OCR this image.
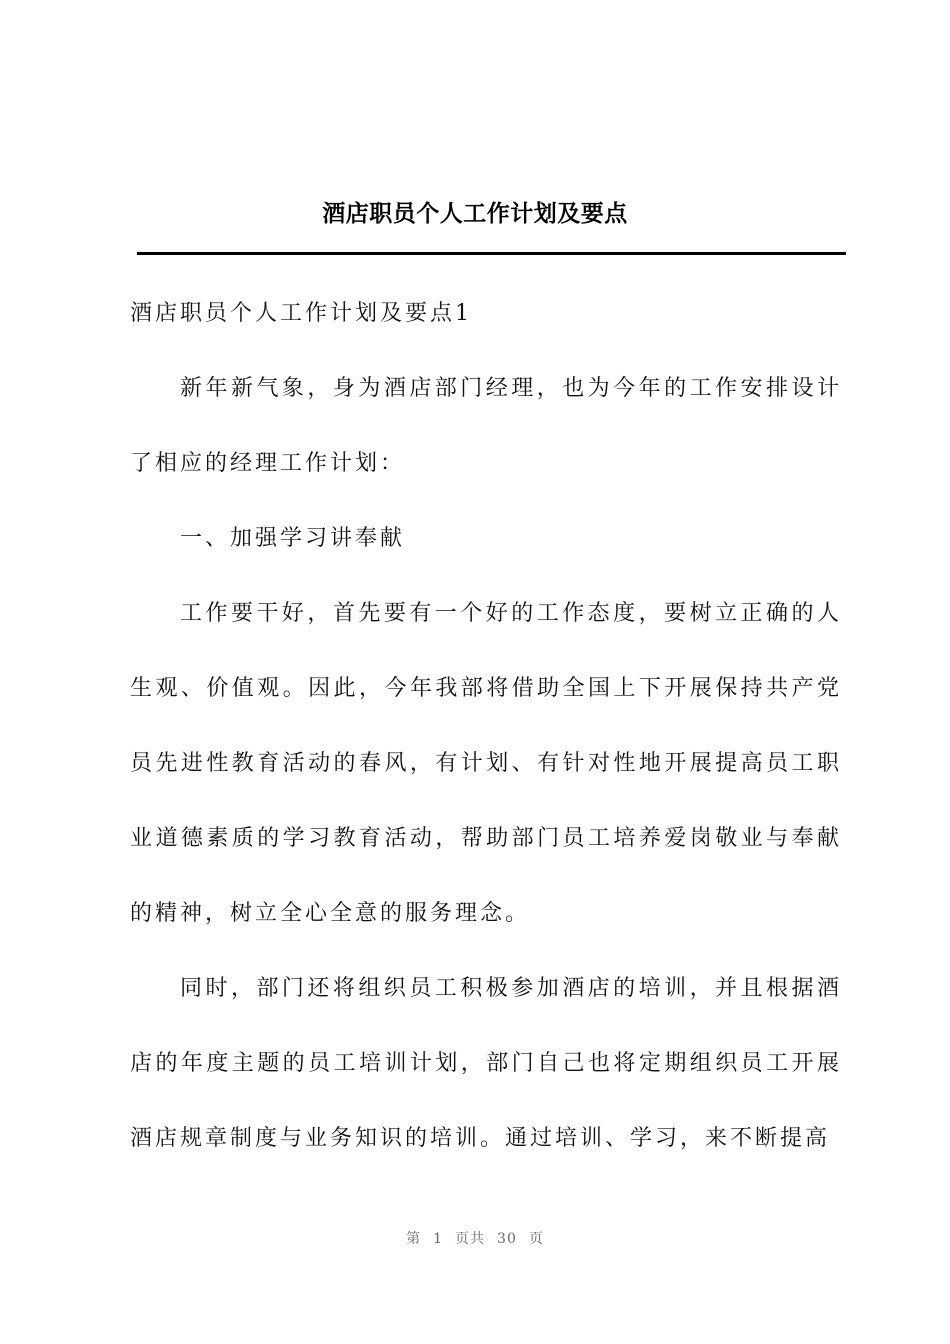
酒店职员个人工作计划及要点

酒店职员个人工作计划及要点1

新年新气象，身为酒店部门经理，也为今年的工作安排设计了相应的经理工作计划：

一、加强学习讲奉献

工作要干好，首先要有一个好的工作态度，要树立正确的人生观、价值观。因此，今年我部将借助全国上下开展保持共产党员先进性教育活动的春风，有计划、有针对性地开展提高员工职业道德素质的学习教育活动，帮助部门员工培养爱岗敬业与奉献的精神，树立全心全意的服务理念。

同时，部门还将组织员工积极参加酒店的培训，并且根据酒店的年度主题的员工培训计划，部门自己也将定期组织员工开展酒店规章制度与业务知识的培训。通过培训、学习，来不断提高

第 1 页共 30 页
